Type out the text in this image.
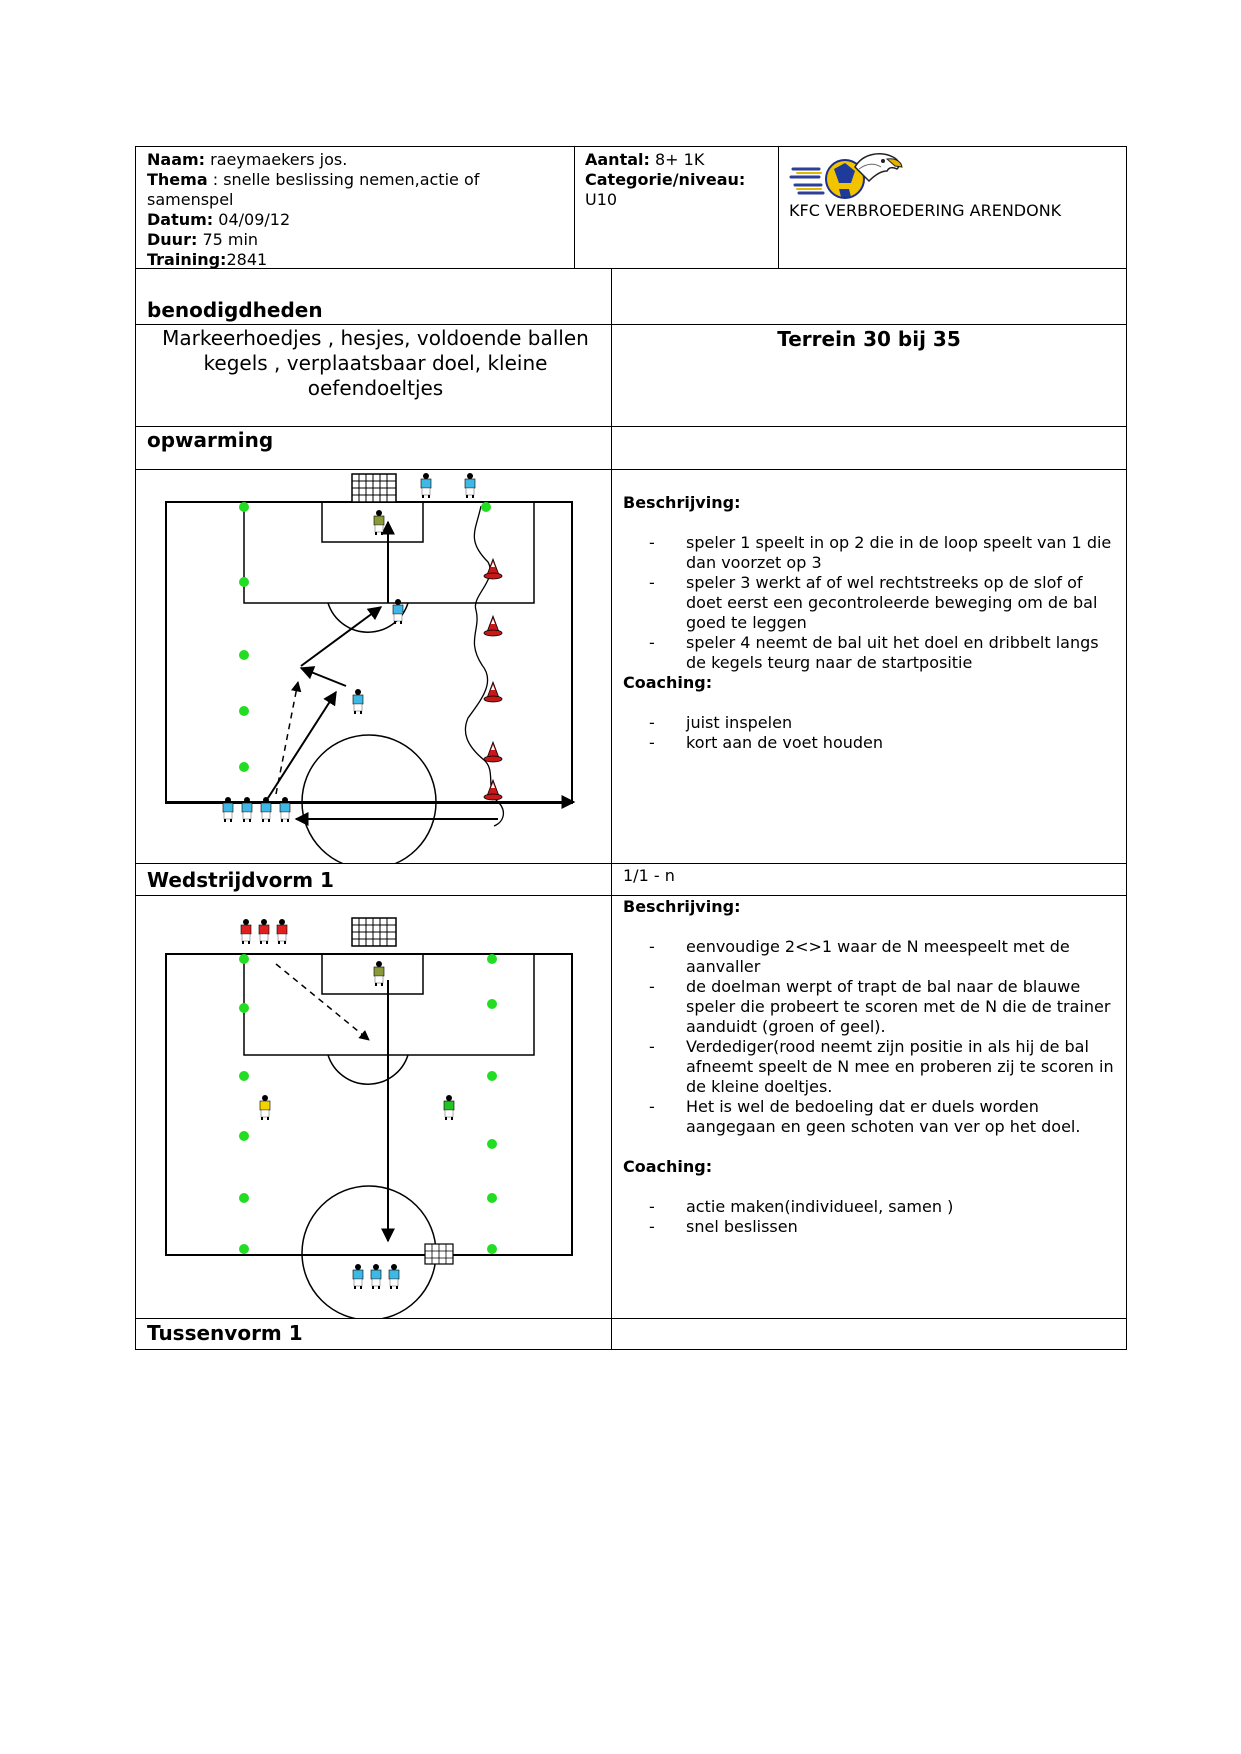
Naam: raeymaekers jos.
Thema : snelle beslissing nemen,actie of samenspel
Datum: 04/09/12
Duur: 75 min
Training:2841
Aantal: 8+ 1K
Categorie/niveau:
U10
KFC VERBROEDERING ARENDONK
benodigdheden
Markeerhoedjes , hesjes, voldoende ballen kegels , verplaatsbaar doel, kleine oefendoeltjes
Terrein 30 bij 35
opwarming
Beschrijving:
- speler 1 speelt in op 2 die in de loop speelt van 1 die dan voorzet op 3
- speler 3 werkt af of wel rechtstreeks op de slof of doet eerst een gecontroleerde beweging om de bal goed te leggen
- speler 4 neemt de bal uit het doel en dribbelt langs de kegels teurg naar de startpositie
Coaching:
- juist inspelen
- kort aan de voet houden
Wedstrijdvorm 1	1/1 - n
Beschrijving:
- eenvoudige 2<>1 waar de N meespeelt met de aanvaller
- de doelman werpt of trapt de bal naar de blauwe speler die probeert te scoren met de N die de trainer aanduidt (groen of geel).
- Verdediger(rood neemt zijn positie in als hij de bal afneemt speelt de N mee en proberen zij te scoren in de kleine doeltjes.
- Het is wel de bedoeling dat er duels worden aangegaan en geen schoten van ver op het doel.
Coaching:
- actie maken(individueel, samen )
- snel beslissen
Tussenvorm 1
